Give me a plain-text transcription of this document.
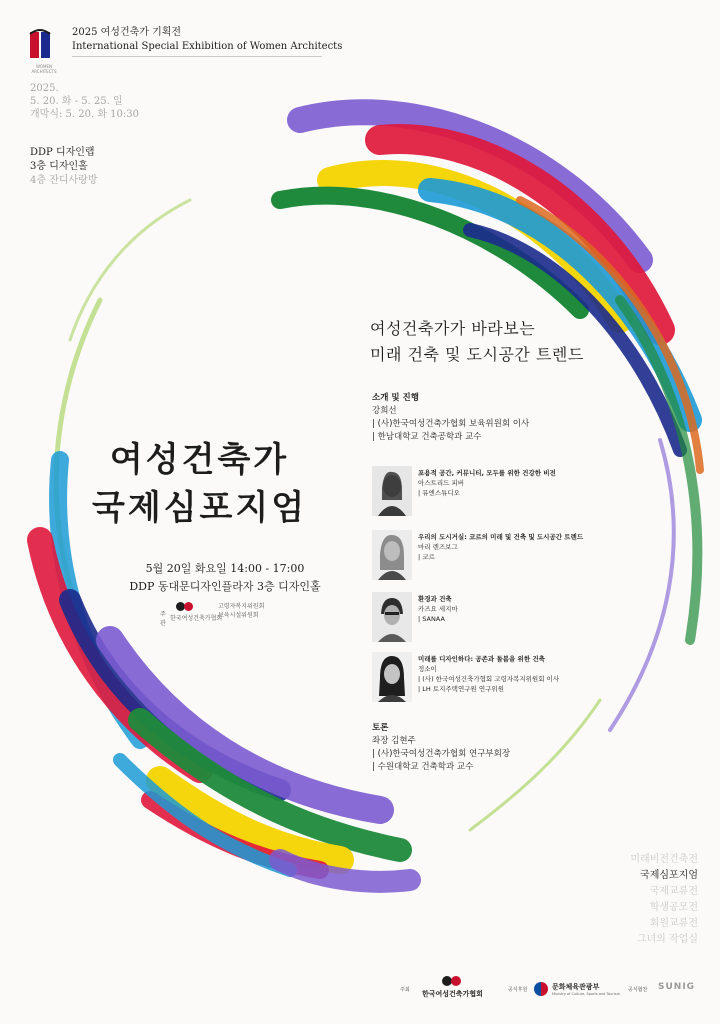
WOMEN ARCHITECTS
2025 여성건축가 기획전
International Special Exhibition of Women Architects
2025.
5. 20. 화 - 5. 25. 일
개막식: 5. 20. 화 10:30
DDP 디자인랩
3층 디자인홀
4층 잔디사랑방
여성건축가가 바라보는
미래 건축 및 도시공간 트렌드
여성건축가
국제심포지엄
5월 20일 화요일 14:00 - 17:00
DDP 동대문디자인플라자 3층 디자인홀
주관
한국여성건축가협회
고령자복지위원회
보육시설위원회
소개 및 진행
강희선
| (사)한국여성건축가협회 보육위원회 이사
| 한남대학교 건축공학과 교수
포용적 공간, 커뮤니티, 모두를 위한 건강한 비전
아스트리드 피버
| 뮤엔스튜디오
우리의 도시거실: 코르의 미래 및 건축 및 도시공간 트렌드
마리 렌즈보그
| 코르
환경과 건축
카즈요 세지마
| SANAA
미래를 디자인하다: 공존과 돌봄을 위한 건축
정소이
| (사) 한국여성건축가협회 고령자복지위원회 이사
| LH 토지주택연구원 연구위원
토론
좌장 김현주
| (사)한국여성건축가협회 연구부회장
| 수원대학교 건축학과 교수
미래비전건축전
국제심포지엄
국제교류전
학생공모전
회원교류전
그녀의 작업실
주최 한국여성건축가협회	공식후원	문화체육관광부
Ministry of Culture, Sports and Tourism
공식협찬 SUNIG
